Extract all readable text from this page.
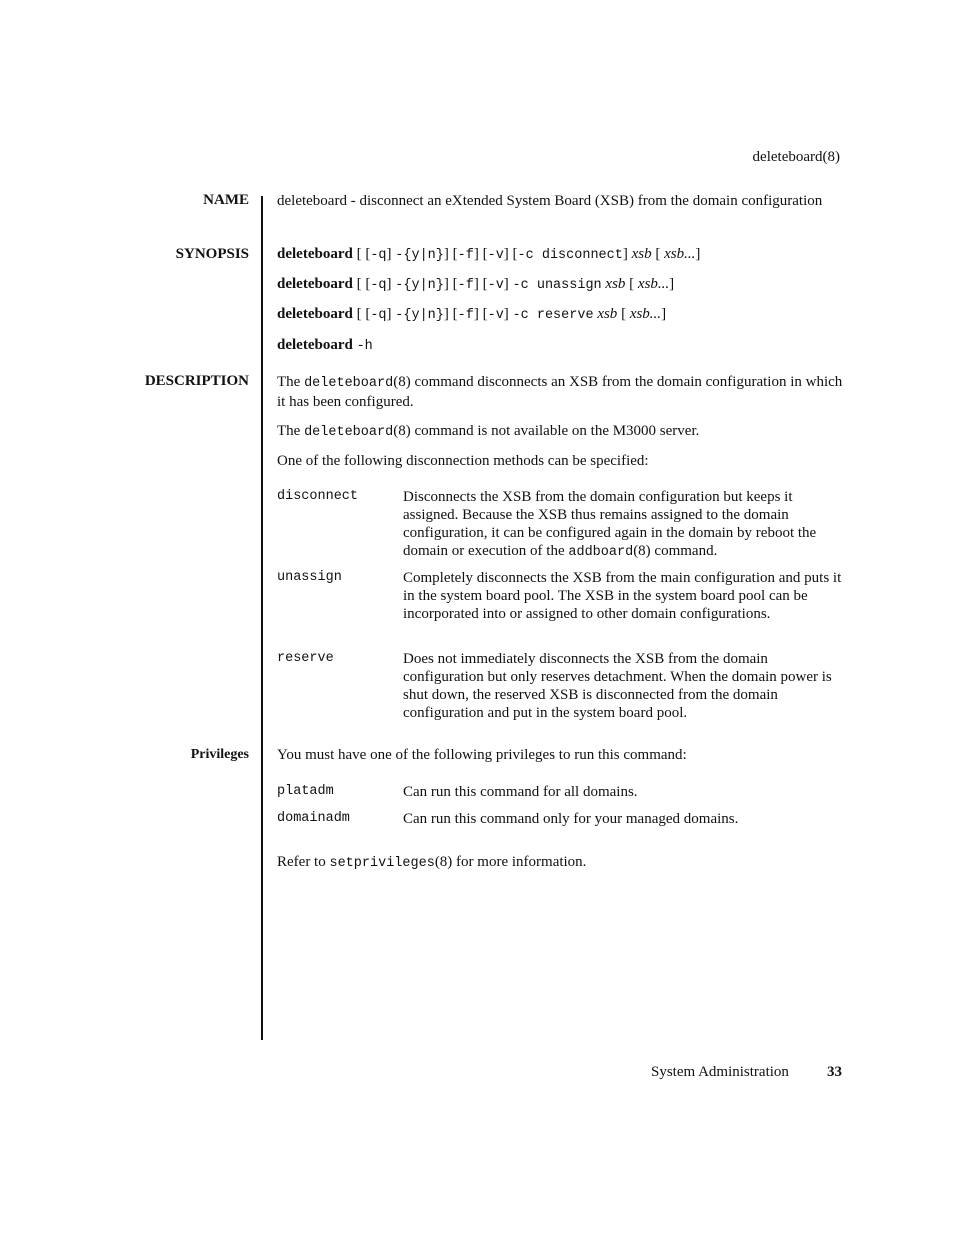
deleteboard(8)
NAME deleteboard - disconnect an eXtended System Board (XSB) from the domain configuration
SYNOPSIS deleteboard [ [-q] -{y|n}] [-f] [-v] [-c disconnect] xsb [ xsb...]
deleteboard [ [-q] -{y|n}] [-f] [-v] -c unassign xsb [ xsb...]
deleteboard [ [-q] -{y|n}] [-f] [-v] -c reserve xsb [ xsb...]
deleteboard -h
DESCRIPTION The deleteboard(8) command disconnects an XSB from the domain configuration in which it has been configured.
The deleteboard(8) command is not available on the M3000 server.
One of the following disconnection methods can be specified:
disconnect	Disconnects the XSB from the domain configuration but keeps it assigned. Because the XSB thus remains assigned to the domain configuration, it can be configured again in the domain by reboot the domain or execution of the addboard(8) command.
unassign	Completely disconnects the XSB from the main configuration and puts it in the system board pool. The XSB in the system board pool can be incorporated into or assigned to other domain configurations.
reserve	Does not immediately disconnects the XSB from the domain configuration but only reserves detachment. When the domain power is shut down, the reserved XSB is disconnected from the domain configuration and put in the system board pool.
Privileges You must have one of the following privileges to run this command:
platadm	Can run this command for all domains.
domainadm	Can run this command only for your managed domains.
Refer to setprivileges(8) for more information.
System Administration	33
